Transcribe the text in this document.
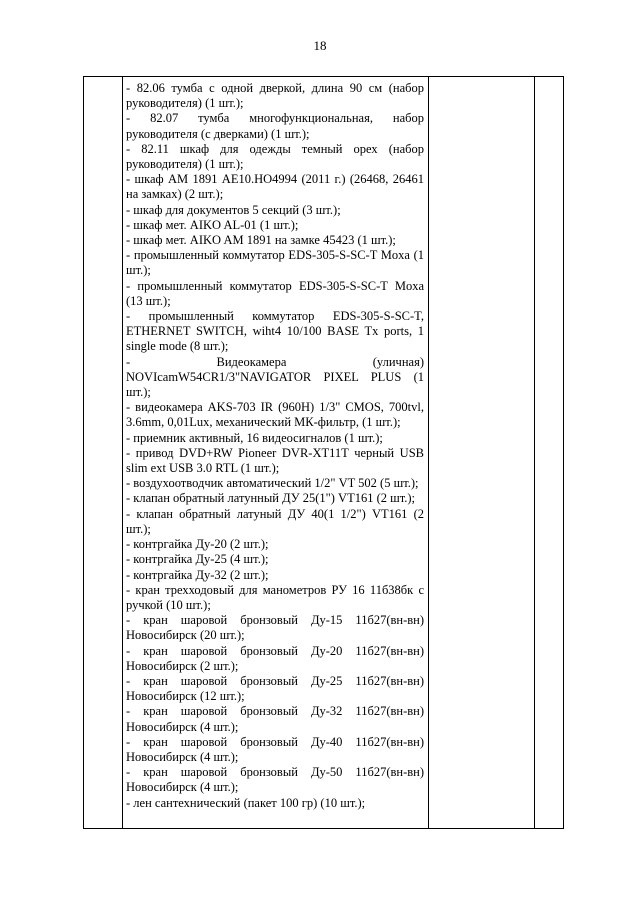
18
- 82.06 тумба с одной дверкой, длина 90 см (набор руководителя) (1 шт.);
- 82.07 тумба многофункциональная, набор руководителя (с дверками) (1 шт.);
- 82.11 шкаф для одежды темный орех (набор руководителя) (1 шт.);
- шкаф АМ 1891 АЕ10.НО4994 (2011 г.) (26468, 26461 на замках) (2 шт.);
- шкаф для документов 5 секций (3 шт.);
- шкаф мет. AIKO AL-01 (1 шт.);
- шкаф мет. AIKO AM 1891 на замке 45423 (1 шт.);
- промышленный коммутатор EDS-305-S-SC-T Moxa (1 шт.);
- промышленный коммутатор EDS-305-S-SC-T Moxa (13 шт.);
- промышленный коммутатор EDS-305-S-SC-T, ETHERNET SWITCH, wiht4 10/100 BASE Tx ports, 1 single mode (8 шт.);
- Видеокамера (уличная) NOVIcamW54CR1/3"NAVIGATOR PIXEL PLUS (1 шт.);
- видеокамера AKS-703 IR (960H) 1/3" CMOS, 700tvl, 3.6mm, 0,01Lux, механический МК-фильтр, (1 шт.);
- приемник активный, 16 видеосигналов (1 шт.);
- привод DVD+RW Pioneer DVR-XT11T черный USB slim ext USB 3.0 RTL (1 шт.);
- воздухоотводчик автоматический 1/2" VT 502 (5 шт.);
- клапан обратный латунный ДУ 25(1") VT161 (2 шт.);
- клапан обратный латуный ДУ 40(1 1/2") VT161 (2 шт.);
- контргайка Ду-20 (2 шт.);
- контргайка Ду-25 (4 шт.);
- контргайка Ду-32 (2 шт.);
- кран трехходовый для манометров РУ 16 11б38бк с ручкой (10 шт.);
- кран шаровой бронзовый Ду-15 11б27(вн-вн) Новосибирск (20 шт.);
- кран шаровой бронзовый Ду-20 11б27(вн-вн) Новосибирск (2 шт.);
- кран шаровой бронзовый Ду-25 11б27(вн-вн) Новосибирск (12 шт.);
- кран шаровой бронзовый Ду-32 11б27(вн-вн) Новосибирск (4 шт.);
- кран шаровой бронзовый Ду-40 11б27(вн-вн) Новосибирск (4 шт.);
- кран шаровой бронзовый Ду-50 11б27(вн-вн) Новосибирск (4 шт.);
- лен сантехнический (пакет 100 гр) (10 шт.);
